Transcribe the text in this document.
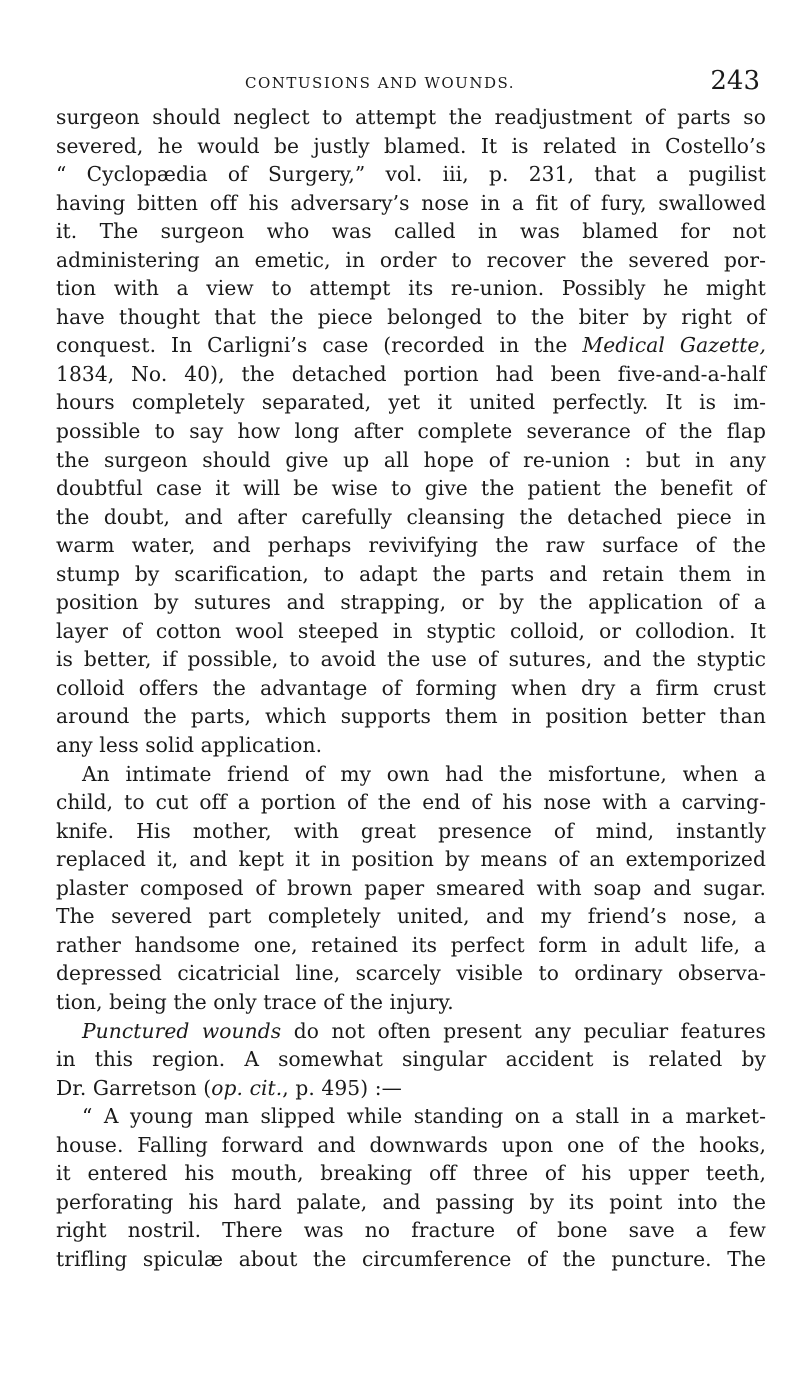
CONTUSIONS AND WOUNDS.	243
surgeon should neglect to attempt the readjustment of parts so
severed, he would be justly blamed. It is related in Costello’s
“ Cyclopædia of Surgery,” vol. iii, p. 231, that a pugilist
having bitten off his adversary’s nose in a fit of fury, swallowed
it. The surgeon who was called in was blamed for not
administering an emetic, in order to recover the severed por-
tion with a view to attempt its re-union. Possibly he might
have thought that the piece belonged to the biter by right of
conquest. In Carligni’s case (recorded in the Medical Gazette,
1834, No. 40), the detached portion had been five-and-a-half
hours completely separated, yet it united perfectly. It is im-
possible to say how long after complete severance of the flap
the surgeon should give up all hope of re-union : but in any
doubtful case it will be wise to give the patient the benefit of
the doubt, and after carefully cleansing the detached piece in
warm water, and perhaps revivifying the raw surface of the
stump by scarification, to adapt the parts and retain them in
position by sutures and strapping, or by the application of a
layer of cotton wool steeped in styptic colloid, or collodion. It
is better, if possible, to avoid the use of sutures, and the styptic
colloid offers the advantage of forming when dry a firm crust
around the parts, which supports them in position better than
any less solid application.
An intimate friend of my own had the misfortune, when a
child, to cut off a portion of the end of his nose with a carving-
knife. His mother, with great presence of mind, instantly
replaced it, and kept it in position by means of an extemporized
plaster composed of brown paper smeared with soap and sugar.
The severed part completely united, and my friend’s nose, a
rather handsome one, retained its perfect form in adult life, a
depressed cicatricial line, scarcely visible to ordinary observa-
tion, being the only trace of the injury.
Punctured wounds do not often present any peculiar features
in this region. A somewhat singular accident is related by
Dr. Garretson (op. cit., p. 495) :—
“ A young man slipped while standing on a stall in a market-
house. Falling forward and downwards upon one of the hooks,
it entered his mouth, breaking off three of his upper teeth,
perforating his hard palate, and passing by its point into the
right nostril. There was no fracture of bone save a few
trifling spiculæ about the circumference of the puncture. The
